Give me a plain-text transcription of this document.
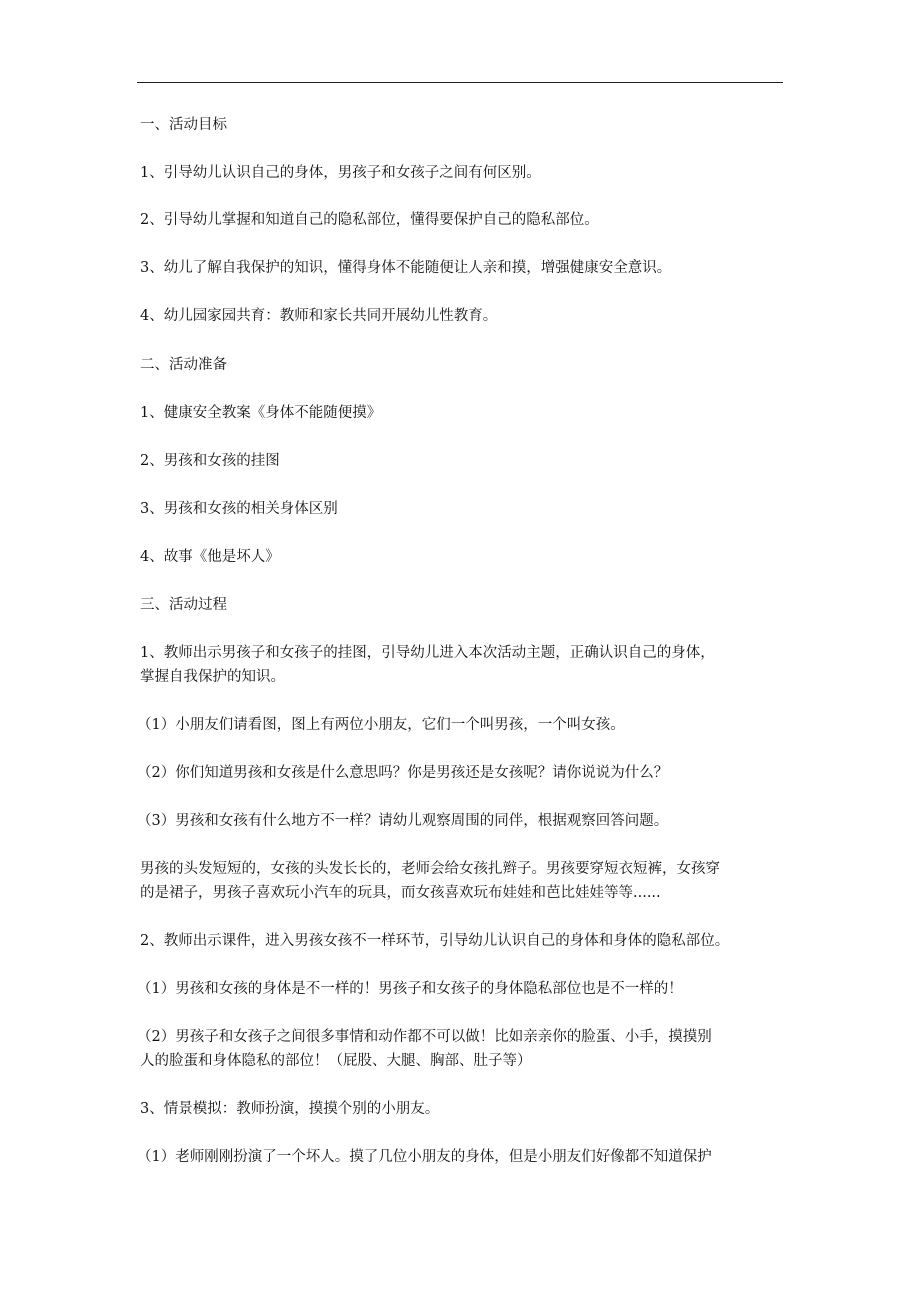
一、活动目标
1、引导幼儿认识自己的身体，男孩子和女孩子之间有何区别。
2、引导幼儿掌握和知道自己的隐私部位，懂得要保护自己的隐私部位。
3、幼儿了解自我保护的知识，懂得身体不能随便让人亲和摸，增强健康安全意识。
4、幼儿园家园共育：教师和家长共同开展幼儿性教育。
二、活动准备
1、健康安全教案《身体不能随便摸》
2、男孩和女孩的挂图
3、男孩和女孩的相关身体区别
4、故事《他是坏人》
三、活动过程
1、教师出示男孩子和女孩子的挂图，引导幼儿进入本次活动主题，正确认识自己的身体，
掌握自我保护的知识。
（1）小朋友们请看图，图上有两位小朋友，它们一个叫男孩，一个叫女孩。
（2）你们知道男孩和女孩是什么意思吗？你是男孩还是女孩呢？请你说说为什么？
（3）男孩和女孩有什么地方不一样？请幼儿观察周围的同伴，根据观察回答问题。
男孩的头发短短的，女孩的头发长长的，老师会给女孩扎辫子。男孩要穿短衣短裤，女孩穿
的是裙子，男孩子喜欢玩小汽车的玩具，而女孩喜欢玩布娃娃和芭比娃娃等等......
2、教师出示课件，进入男孩女孩不一样环节，引导幼儿认识自己的身体和身体的隐私部位。
（1）男孩和女孩的身体是不一样的！男孩子和女孩子的身体隐私部位也是不一样的！
（2）男孩子和女孩子之间很多事情和动作都不可以做！比如亲亲你的脸蛋、小手，摸摸别
人的脸蛋和身体隐私的部位！（屁股、大腿、胸部、肚子等）
3、情景模拟：教师扮演，摸摸个别的小朋友。
（1）老师刚刚扮演了一个坏人。摸了几位小朋友的身体，但是小朋友们好像都不知道保护
